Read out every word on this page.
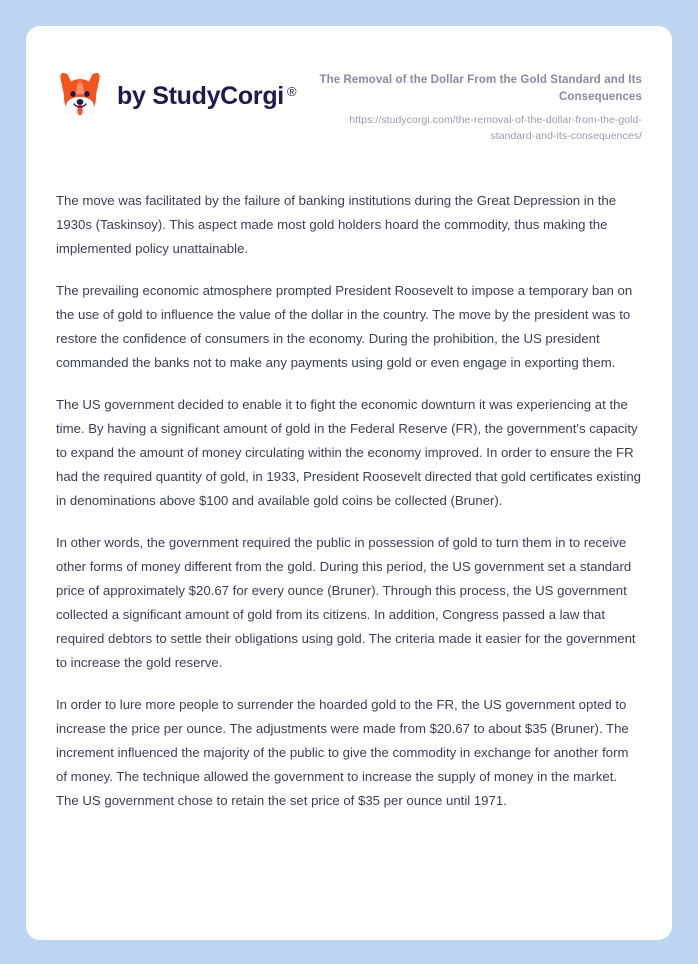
by StudyCorgi ®
The Removal of the Dollar From the Gold Standard and Its Consequences
https://studycorgi.com/the-removal-of-the-dollar-from-the-gold-standard-and-its-consequences/

The move was facilitated by the failure of banking institutions during the Great Depression in the 1930s (Taskinsoy). This aspect made most gold holders hoard the commodity, thus making the implemented policy unattainable.

The prevailing economic atmosphere prompted President Roosevelt to impose a temporary ban on the use of gold to influence the value of the dollar in the country. The move by the president was to restore the confidence of consumers in the economy. During the prohibition, the US president commanded the banks not to make any payments using gold or even engage in exporting them.

The US government decided to enable it to fight the economic downturn it was experiencing at the time. By having a significant amount of gold in the Federal Reserve (FR), the government's capacity to expand the amount of money circulating within the economy improved. In order to ensure the FR had the required quantity of gold, in 1933, President Roosevelt directed that gold certificates existing in denominations above $100 and available gold coins be collected (Bruner).

In other words, the government required the public in possession of gold to turn them in to receive other forms of money different from the gold. During this period, the US government set a standard price of approximately $20.67 for every ounce (Bruner). Through this process, the US government collected a significant amount of gold from its citizens. In addition, Congress passed a law that required debtors to settle their obligations using gold. The criteria made it easier for the government to increase the gold reserve.

In order to lure more people to surrender the hoarded gold to the FR, the US government opted to increase the price per ounce. The adjustments were made from $20.67 to about $35 (Bruner). The increment influenced the majority of the public to give the commodity in exchange for another form of money. The technique allowed the government to increase the supply of money in the market. The US government chose to retain the set price of $35 per ounce until 1971.
